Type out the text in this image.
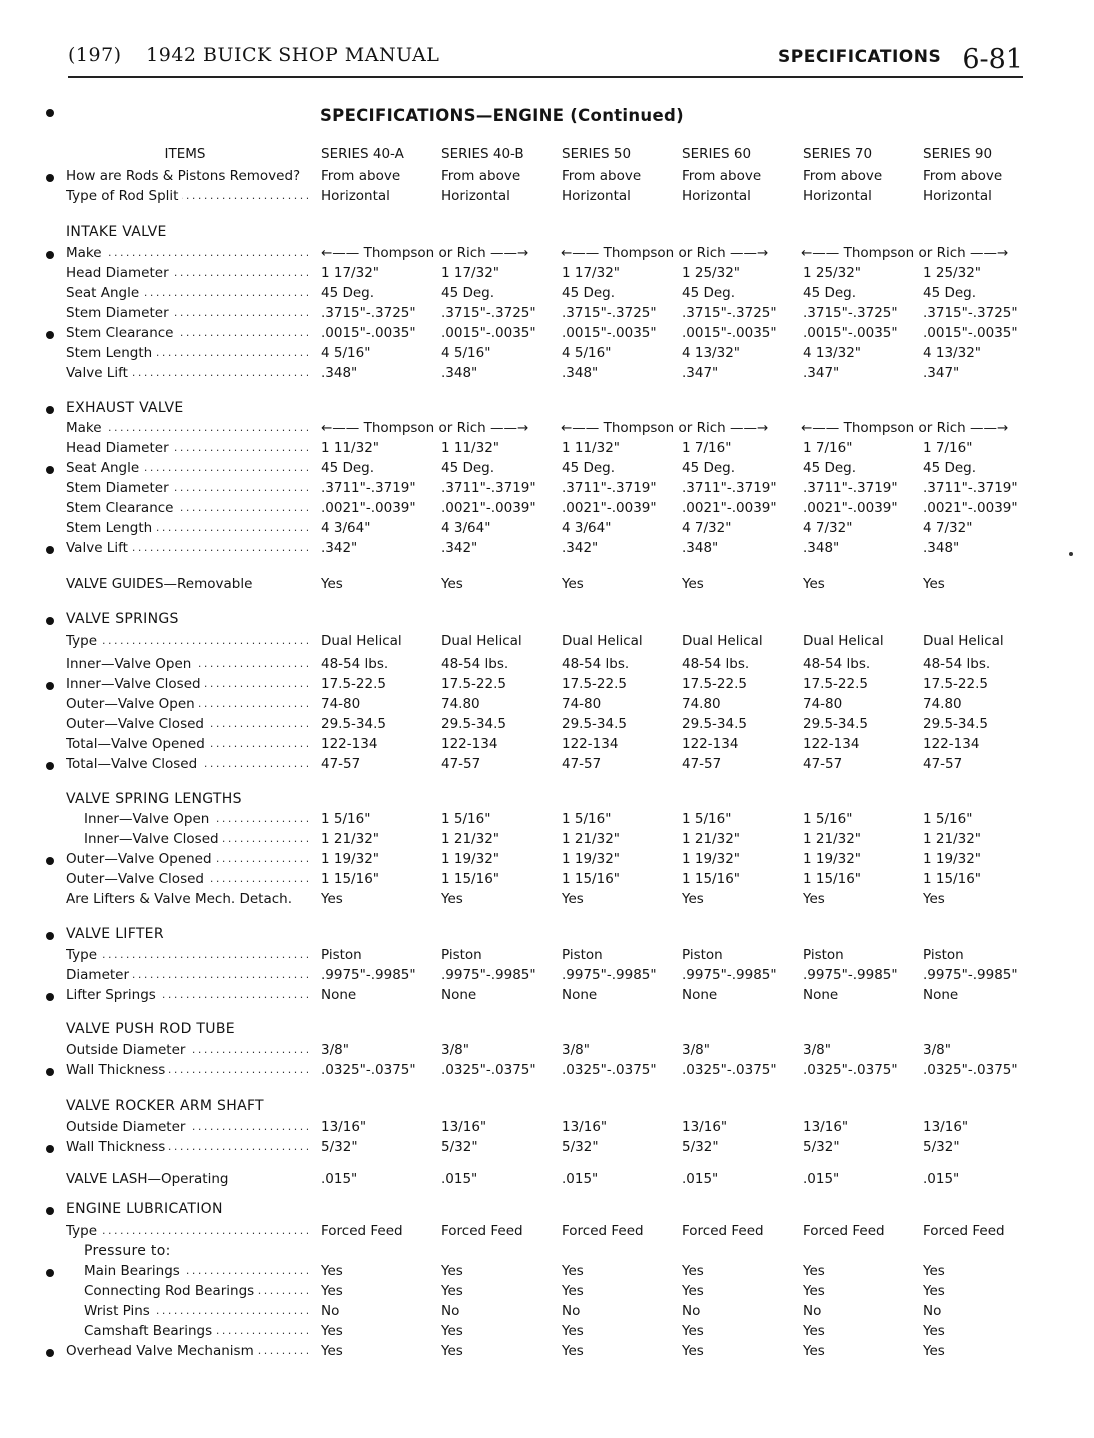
(197) 1942 BUICK SHOP MANUAL	SPECIFICATIONS 6-81
SPECIFICATIONS—ENGINE (Continued)
ITEMS	SERIES 40-A	SERIES 40-B	SERIES 50	SERIES 60	SERIES 70	SERIES 90
How are Rods & Pistons Removed?	From above	From above	From above	From above	From above	From above
Type of Rod Split . . .	Horizontal	Horizontal	Horizontal	Horizontal	Horizontal	Horizontal
INTAKE VALVE
Make . . .	←—— Thompson or Rich ——→ ←—— Thompson or Rich ——→ ←—— Thompson or Rich ——→
Head Diameter . . .	1 17/32"	1 17/32"	1 17/32"	1 25/32"	1 25/32"	1 25/32"
Seat Angle . . .	45 Deg.	45 Deg.	45 Deg.	45 Deg.	45 Deg.	45 Deg.
Stem Diameter . . .	.3715"-.3725" .3715"-.3725" .3715"-.3725" .3715"-.3725" .3715"-.3725" .3715"-.3725"
Stem Clearance . . .	.0015"-.0035" .0015"-.0035" .0015"-.0035" .0015"-.0035" .0015"-.0035" .0015"-.0035"
Stem Length . . .	4 5/16"	4 5/16"	4 5/16"	4 13/32"	4 13/32"	4 13/32"
Valve Lift . . .	.348"	.348"	.348"	.347"	.347"	.347"
EXHAUST VALVE
Make . . .	←—— Thompson or Rich ——→ ←—— Thompson or Rich ——→ ←—— Thompson or Rich ——→
Head Diameter . . .	1 11/32"	1 11/32"	1 11/32"	1 7/16"	1 7/16"	1 7/16"
Seat Angle . . .	45 Deg.	45 Deg.	45 Deg.	45 Deg.	45 Deg.	45 Deg.
Stem Diameter . . .	.3711"-.3719" .3711"-.3719" .3711"-.3719" .3711"-.3719" .3711"-.3719" .3711"-.3719"
Stem Clearance . . .	.0021"-.0039" .0021"-.0039" .0021"-.0039" .0021"-.0039" .0021"-.0039" .0021"-.0039"
Stem Length . . .	4 3/64"	4 3/64"	4 3/64"	4 7/32"	4 7/32"	4 7/32"
Valve Lift . . .	.342"	.342"	.342"	.348"	.348"	.348"
VALVE GUIDES—Removable	Yes	Yes	Yes	Yes	Yes	Yes
VALVE SPRINGS
Type . . .	Dual Helical	Dual Helical	Dual Helical	Dual Helical	Dual Helical	Dual Helical
Inner—Valve Open . . .	48-54 lbs.	48-54 lbs.	48-54 lbs.	48-54 lbs.	48-54 lbs.	48-54 lbs.
Inner—Valve Closed . . .	17.5-22.5	17.5-22.5	17.5-22.5	17.5-22.5	17.5-22.5	17.5-22.5
Outer—Valve Open . . .	74-80	74.80	74-80	74.80	74-80	74.80
Outer—Valve Closed . . .	29.5-34.5	29.5-34.5	29.5-34.5	29.5-34.5	29.5-34.5	29.5-34.5
Total—Valve Opened . . .	122-134	122-134	122-134	122-134	122-134	122-134
Total—Valve Closed . . .	47-57	47-57	47-57	47-57	47-57	47-57
VALVE SPRING LENGTHS
Inner—Valve Open . . .	1 5/16"	1 5/16"	1 5/16"	1 5/16"	1 5/16"	1 5/16"
Inner—Valve Closed . . .	1 21/32"	1 21/32"	1 21/32"	1 21/32"	1 21/32"	1 21/32"
Outer—Valve Opened . . .	1 19/32"	1 19/32"	1 19/32"	1 19/32"	1 19/32"	1 19/32"
Outer—Valve Closed . . .	1 15/16"	1 15/16"	1 15/16"	1 15/16"	1 15/16"	1 15/16"
Are Lifters & Valve Mech. Detach.	Yes	Yes	Yes	Yes	Yes	Yes
VALVE LIFTER
Type . . .	Piston	Piston	Piston	Piston	Piston	Piston
Diameter . . .	.9975"-.9985" .9975"-.9985" .9975"-.9985" .9975"-.9985" .9975"-.9985" .9975"-.9985"
Lifter Springs . . .	None	None	None	None	None	None
VALVE PUSH ROD TUBE
Outside Diameter . . .	3/8"	3/8"	3/8"	3/8"	3/8"	3/8"
Wall Thickness . . .	.0325"-.0375" .0325"-.0375" .0325"-.0375" .0325"-.0375" .0325"-.0375" .0325"-.0375"
VALVE ROCKER ARM SHAFT
Outside Diameter . . .	13/16"	13/16"	13/16"	13/16"	13/16"	13/16"
Wall Thickness . . .	5/32"	5/32"	5/32"	5/32"	5/32"	5/32"
VALVE LASH—Operating	.015"	.015"	.015"	.015"	.015"	.015"
ENGINE LUBRICATION
Type . . .	Forced Feed	Forced Feed	Forced Feed	Forced Feed	Forced Feed	Forced Feed
Pressure to:
Main Bearings . . .	Yes	Yes	Yes	Yes	Yes	Yes
Connecting Rod Bearings . . .	Yes	Yes	Yes	Yes	Yes	Yes
Wrist Pins . . .	No	No	No	No	No	No
Camshaft Bearings . . .	Yes	Yes	Yes	Yes	Yes	Yes
Overhead Valve Mechanism . . .	Yes	Yes	Yes	Yes	Yes	Yes
